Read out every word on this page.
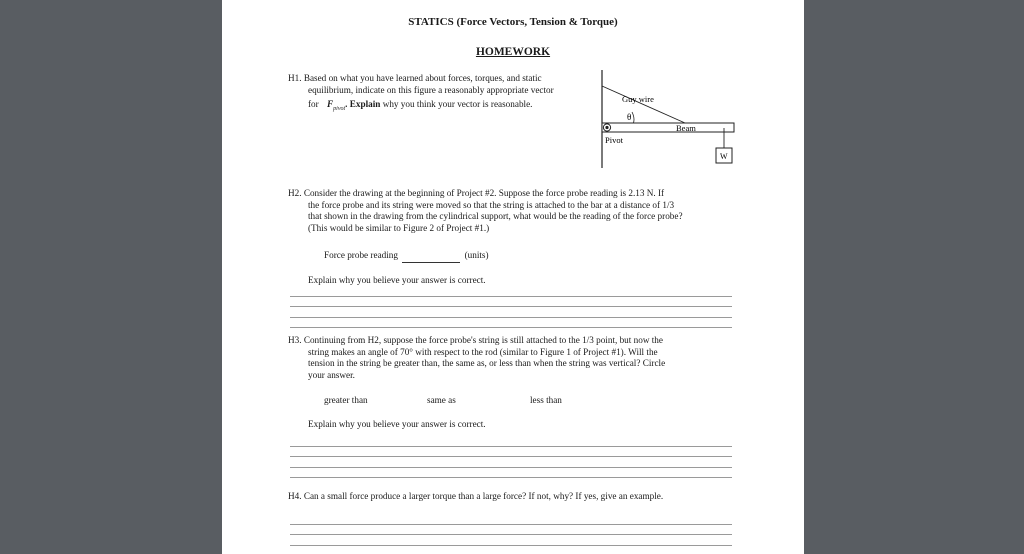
STATICS (Force Vectors, Tension & Torque)
HOMEWORK
H1. Based on what you have learned about forces, torques, and static
equilibrium, indicate on this figure a reasonably appropriate vector
for $F_{pivot}$. Explain why you think your vector is reasonable.
Guy wire
θ
Beam
Pivot
W
H2. Consider the drawing at the beginning of Project #2. Suppose the force probe reading is 2.13 N. If
the force probe and its string were moved so that the string is attached to the bar at a distance of 1/3
that shown in the drawing from the cylindrical support, what would be the reading of the force probe?
(This would be similar to Figure 2 of Project #1.)
Force probe reading	(units)
Explain why you believe your answer is correct.
H3. Continuing from H2, suppose the force probe's string is still attached to the 1/3 point, but now the
string makes an angle of 70° with respect to the rod (similar to Figure 1 of Project #1). Will the
tension in the string be greater than, the same as, or less than when the string was vertical? Circle
your answer.
greater than	same as	less than
Explain why you believe your answer is correct.
H4. Can a small force produce a larger torque than a large force? If not, why? If yes, give an example.
